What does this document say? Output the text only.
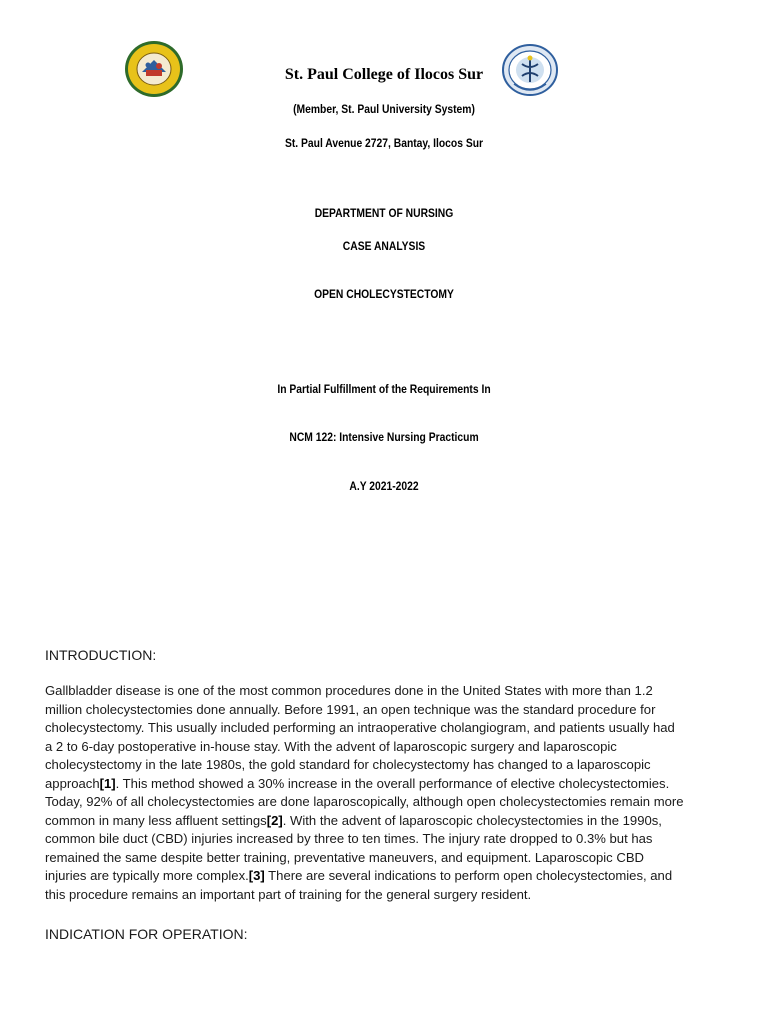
St. Paul College of Ilocos Sur
(Member, St. Paul University System)
St. Paul Avenue 2727, Bantay, Ilocos Sur
DEPARTMENT OF NURSING
CASE ANALYSIS
OPEN CHOLECYSTECTOMY
In Partial Fulfillment of the Requirements In
NCM 122: Intensive Nursing Practicum
A.Y 2021-2022
INTRODUCTION:
Gallbladder disease is one of the most common procedures done in the United States with more than 1.2
million cholecystectomies done annually. Before 1991, an open technique was the standard procedure for
cholecystectomy. This usually included performing an intraoperative cholangiogram, and patients usually had
a 2 to 6-day postoperative in-house stay. With the advent of laparoscopic surgery and laparoscopic
cholecystectomy in the late 1980s, the gold standard for cholecystectomy has changed to a laparoscopic
approach[1]. This method showed a 30% increase in the overall performance of elective cholecystectomies.
Today, 92% of all cholecystectomies are done laparoscopically, although open cholecystectomies remain more
common in many less affluent settings[2]. With the advent of laparoscopic cholecystectomies in the 1990s,
common bile duct (CBD) injuries increased by three to ten times. The injury rate dropped to 0.3% but has
remained the same despite better training, preventative maneuvers, and equipment. Laparoscopic CBD
injuries are typically more complex.[3] There are several indications to perform open cholecystectomies, and
this procedure remains an important part of training for the general surgery resident.
INDICATION FOR OPERATION:
